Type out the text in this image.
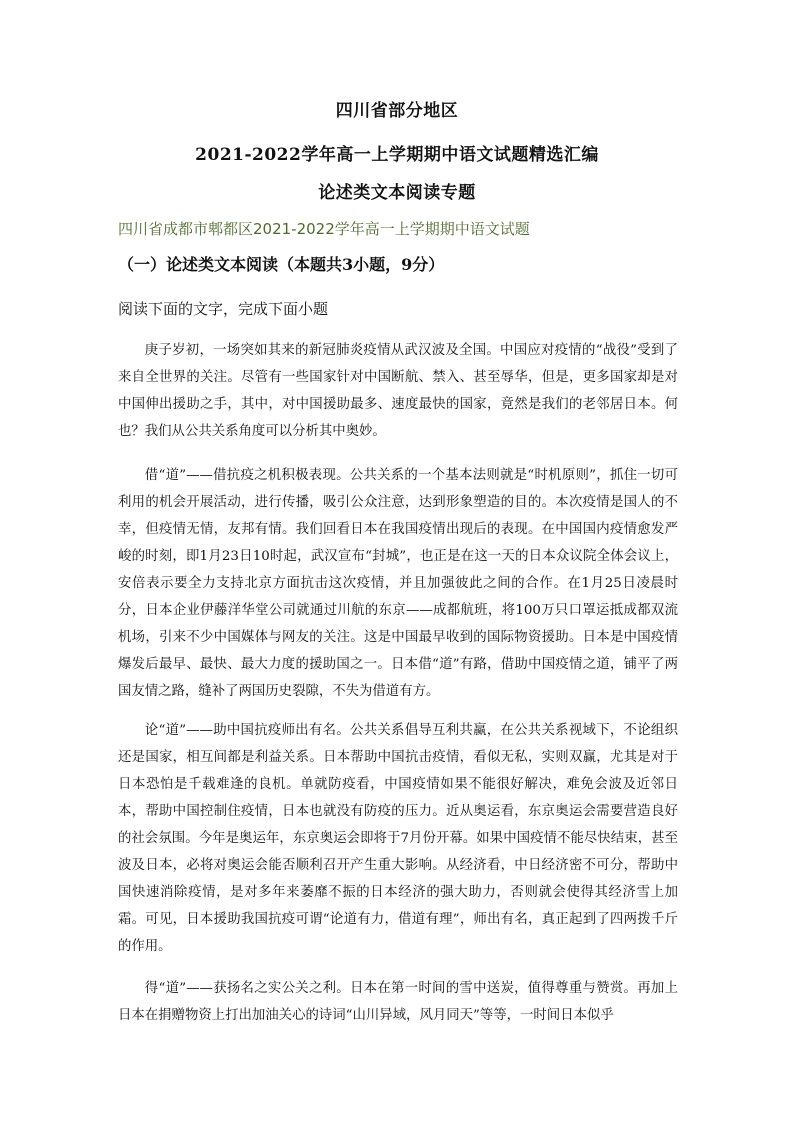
四川省部分地区
2021-2022学年高一上学期期中语文试题精选汇编
论述类文本阅读专题
四川省成都市郫都区2021-2022学年高一上学期期中语文试题
（一）论述类文本阅读（本题共3小题，9分）
阅读下面的文字，完成下面小题

庚子岁初，一场突如其来的新冠肺炎疫情从武汉波及全国。中国应对疫情的“战役”受到了来自全世界的关注。尽管有一些国家针对中国断航、禁入、甚至辱华，但是，更多国家却是对中国伸出援助之手，其中，对中国援助最多、速度最快的国家，竟然是我们的老邻居日本。何也？我们从公共关系角度可以分析其中奥妙。

借“道”——借抗疫之机积极表现。公共关系的一个基本法则就是“时机原则”，抓住一切可利用的机会开展活动，进行传播，吸引公众注意，达到形象塑造的目的。本次疫情是国人的不幸，但疫情无情，友邦有情。我们回看日本在我国疫情出现后的表现。在中国国内疫情愈发严峻的时刻，即1月23日10时起，武汉宣布“封城”，也正是在这一天的日本众议院全体会议上，安倍表示要全力支持北京方面抗击这次疫情，并且加强彼此之间的合作。在1月25日凌晨时分，日本企业伊藤洋华堂公司就通过川航的东京——成都航班，将100万只口罩运抵成都双流机场，引来不少中国媒体与网友的关注。这是中国最早收到的国际物资援助。日本是中国疫情爆发后最早、最快、最大力度的援助国之一。日本借“道”有路，借助中国疫情之道，铺平了两国友情之路，缝补了两国历史裂隙，不失为借道有方。

论“道”——助中国抗疫师出有名。公共关系倡导互利共赢，在公共关系视域下，不论组织还是国家，相互间都是利益关系。日本帮助中国抗击疫情，看似无私，实则双赢，尤其是对于日本恐怕是千载难逢的良机。单就防疫看，中国疫情如果不能很好解决，难免会波及近邻日本，帮助中国控制住疫情，日本也就没有防疫的压力。近从奥运看，东京奥运会需要营造良好的社会氛围。今年是奥运年，东京奥运会即将于7月份开幕。如果中国疫情不能尽快结束，甚至波及日本，必将对奥运会能否顺利召开产生重大影响。从经济看，中日经济密不可分，帮助中国快速消除疫情，是对多年来萎靡不振的日本经济的强大助力，否则就会使得其经济雪上加霜。可见，日本援助我国抗疫可谓“论道有力，借道有理”，师出有名，真正起到了四两拨千斤的作用。

得“道”——获扬名之实公关之利。日本在第一时间的雪中送炭，值得尊重与赞赏。再加上日本在捐赠物资上打出加油关心的诗词“山川异域，风月同天”等等，一时间日本似乎
